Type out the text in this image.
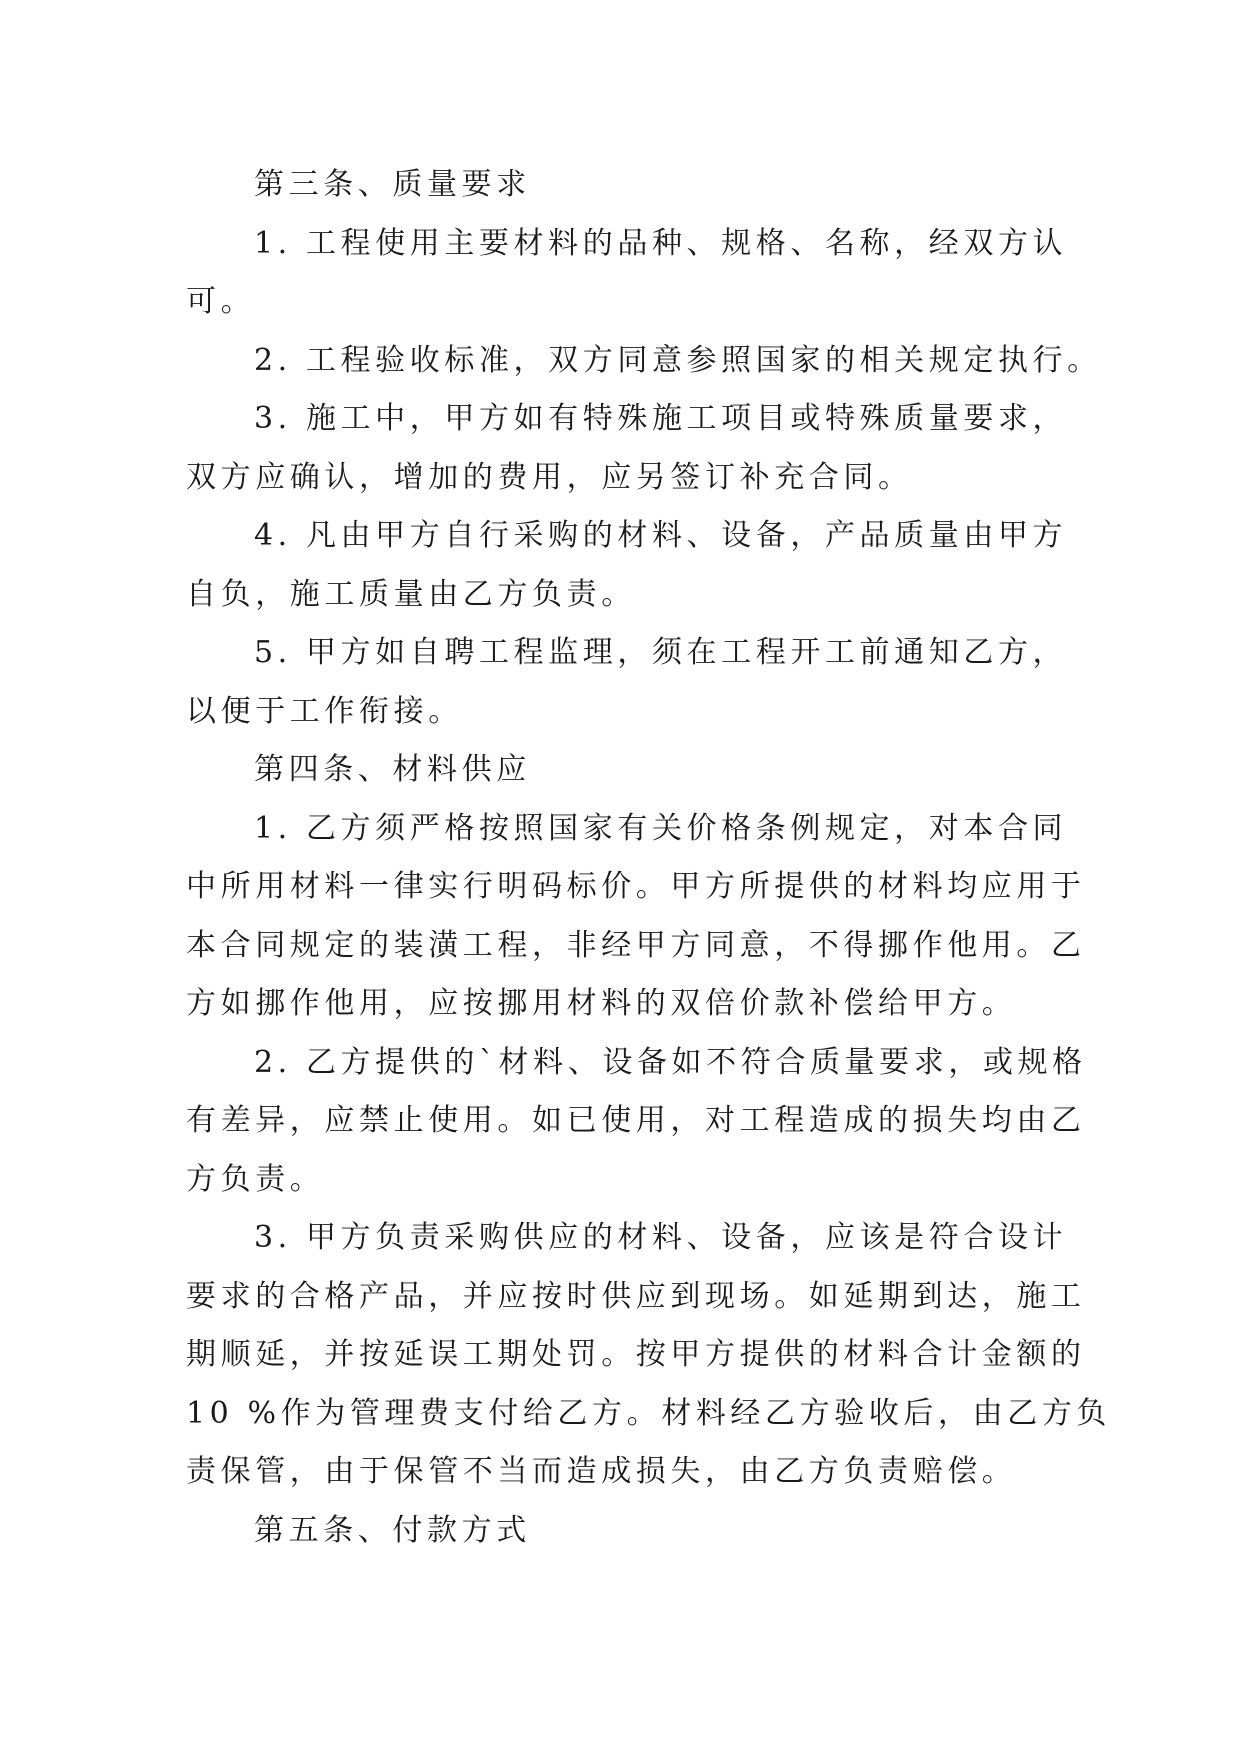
第三条、质量要求
1. 工程使用主要材料的品种、规格、名称，经双方认
可。
2. 工程验收标准，双方同意参照国家的相关规定执行。
3. 施工中，甲方如有特殊施工项目或特殊质量要求，
双方应确认，增加的费用，应另签订补充合同。
4. 凡由甲方自行采购的材料、设备，产品质量由甲方
自负，施工质量由乙方负责。
5. 甲方如自聘工程监理，须在工程开工前通知乙方，
以便于工作衔接。
第四条、材料供应
1. 乙方须严格按照国家有关价格条例规定，对本合同
中所用材料一律实行明码标价。甲方所提供的材料均应用于
本合同规定的装潢工程，非经甲方同意，不得挪作他用。乙
方如挪作他用，应按挪用材料的双倍价款补偿给甲方。
2. 乙方提供的`材料、设备如不符合质量要求，或规格
有差异，应禁止使用。如已使用，对工程造成的损失均由乙
方负责。
3. 甲方负责采购供应的材料、设备，应该是符合设计
要求的合格产品，并应按时供应到现场。如延期到达，施工
期顺延，并按延误工期处罚。按甲方提供的材料合计金额的
10 %作为管理费支付给乙方。材料经乙方验收后，由乙方负
责保管，由于保管不当而造成损失，由乙方负责赔偿。
第五条、付款方式
